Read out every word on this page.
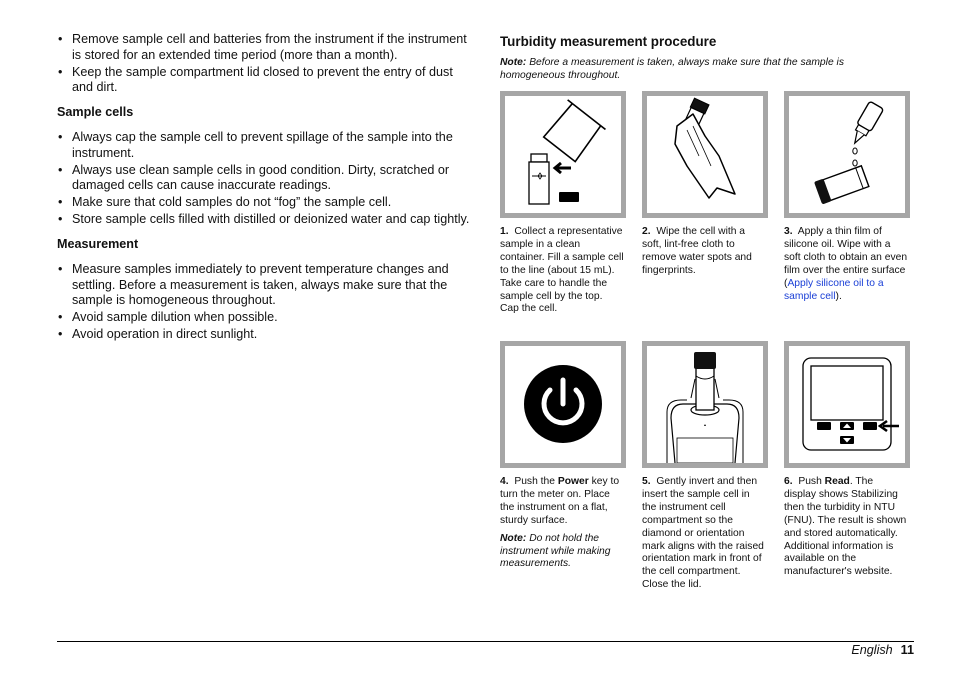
• Remove sample cell and batteries from the instrument if the instrument is stored for an extended time period (more than a month).
• Keep the sample compartment lid closed to prevent the entry of dust and dirt.
Sample cells
• Always cap the sample cell to prevent spillage of the sample into the instrument.
• Always use clean sample cells in good condition. Dirty, scratched or damaged cells can cause inaccurate readings.
• Make sure that cold samples do not “fog” the sample cell.
• Store sample cells filled with distilled or deionized water and cap tightly.
Measurement
• Measure samples immediately to prevent temperature changes and settling. Before a measurement is taken, always make sure that the sample is homogeneous throughout.
• Avoid sample dilution when possible.
• Avoid operation in direct sunlight.
Turbidity measurement procedure

Note: Before a measurement is taken, always make sure that the sample is homogeneous throughout.

1. Collect a representative sample in a clean container. Fill a sample cell to the line (about 15 mL). Take care to handle the sample cell by the top. Cap the cell.
2. Wipe the cell with a soft, lint-free cloth to remove water spots and fingerprints.
3. Apply a thin film of silicone oil. Wipe with a soft cloth to obtain an even film over the entire surface (Apply silicone oil to a sample cell).
4. Push the Power key to turn the meter on. Place the instrument on a flat, sturdy surface.

Note: Do not hold the instrument while making measurements.

5. Gently invert and then insert the sample cell in the instrument cell compartment so the diamond or orientation mark aligns with the raised orientation mark in front of the cell compartment. Close the lid.
6. Push Read. The display shows Stabilizing then the turbidity in NTU (FNU). The result is shown and stored automatically. Additional information is available on the manufacturer's website.
English 11
